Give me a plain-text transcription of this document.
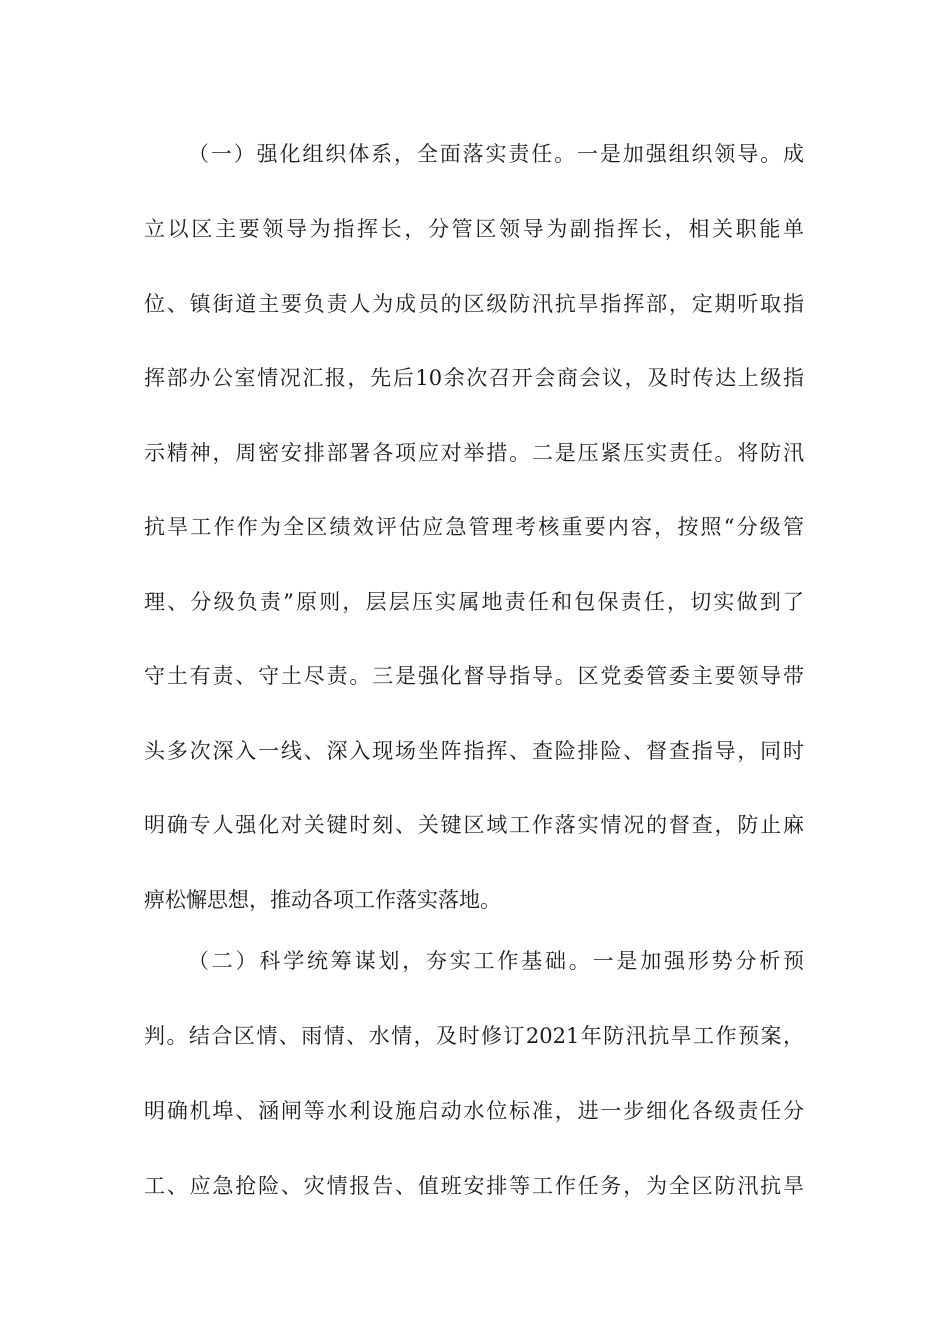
（一）强化组织体系，全面落实责任。一是加强组织领导。成
立以区主要领导为指挥长，分管区领导为副指挥长，相关职能单
位、镇街道主要负责人为成员的区级防汛抗旱指挥部，定期听取指
挥部办公室情况汇报，先后10余次召开会商会议，及时传达上级指
示精神，周密安排部署各项应对举措。二是压紧压实责任。将防汛
抗旱工作作为全区绩效评估应急管理考核重要内容，按照“分级管
理、分级负责”原则，层层压实属地责任和包保责任，切实做到了
守土有责、守土尽责。三是强化督导指导。区党委管委主要领导带
头多次深入一线、深入现场坐阵指挥、查险排险、督查指导，同时
明确专人强化对关键时刻、关键区域工作落实情况的督查，防止麻
痹松懈思想，推动各项工作落实落地。
（二）科学统筹谋划，夯实工作基础。一是加强形势分析预
判。结合区情、雨情、水情，及时修订2021年防汛抗旱工作预案，
明确机埠、涵闸等水利设施启动水位标准，进一步细化各级责任分
工、应急抢险、灾情报告、值班安排等工作任务，为全区防汛抗旱
